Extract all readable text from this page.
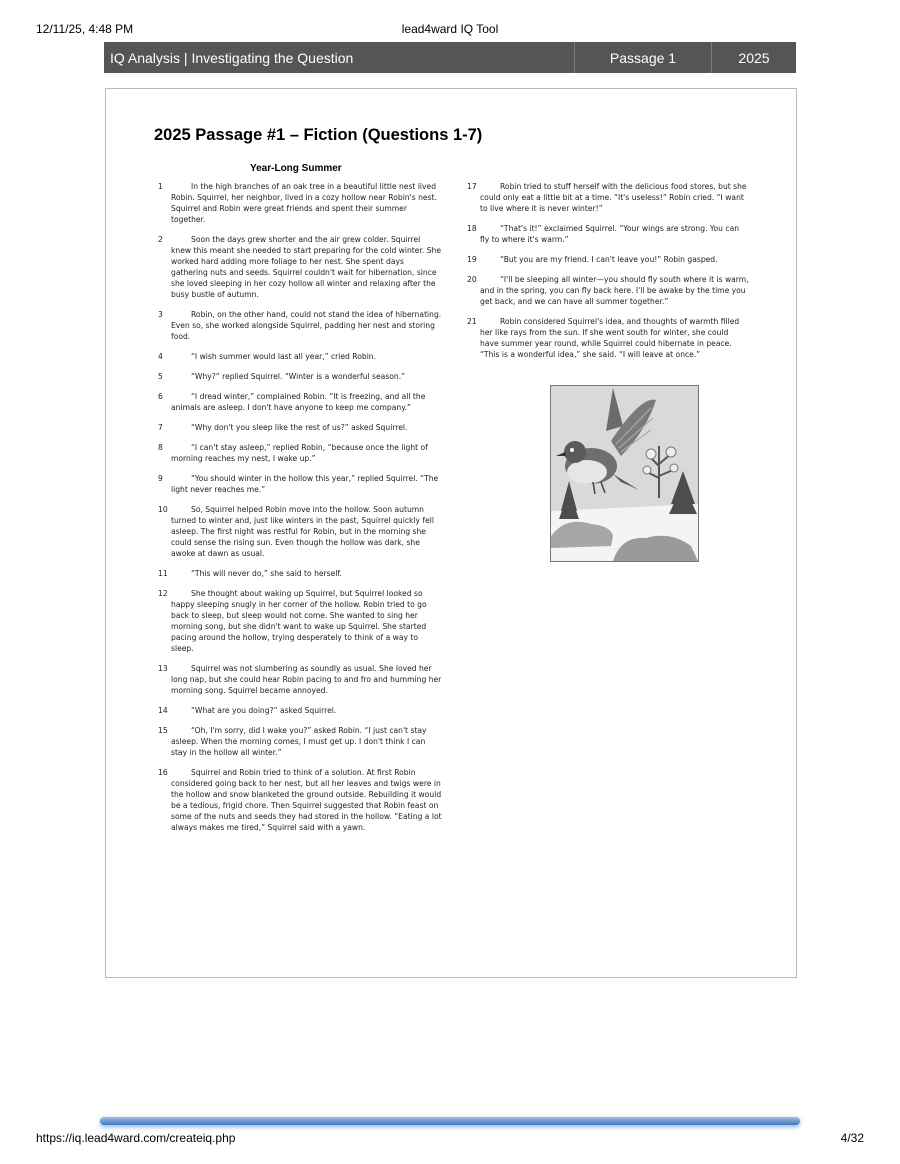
12/11/25, 4:48 PM	lead4ward IQ Tool
IQ Analysis | Investigating the Question	Passage 1	2025
2025 Passage #1 – Fiction (Questions 1-7)
Year-Long Summer

1	In the high branches of an oak tree in a beautiful little nest lived Robin. Squirrel, her neighbor, lived in a cozy hollow near Robin's nest. Squirrel and Robin were great friends and spent their summer together.

2	Soon the days grew shorter and the air grew colder. Squirrel knew this meant she needed to start preparing for the cold winter. She worked hard adding more foliage to her nest. She spent days gathering nuts and seeds. Squirrel couldn't wait for hibernation, since she loved sleeping in her cozy hollow all winter and relaxing after the busy bustle of autumn.

3	Robin, on the other hand, could not stand the idea of hibernating. Even so, she worked alongside Squirrel, padding her nest and storing food.

4	“I wish summer would last all year,” cried Robin.

5	“Why?” replied Squirrel. “Winter is a wonderful season.”

6	“I dread winter,” complained Robin. “It is freezing, and all the animals are asleep. I don't have anyone to keep me company.”

7	“Why don't you sleep like the rest of us?” asked Squirrel.

8	“I can't stay asleep,” replied Robin, “because once the light of morning reaches my nest, I wake up.”

9	“You should winter in the hollow this year,” replied Squirrel. “The light never reaches me.”

10	So, Squirrel helped Robin move into the hollow. Soon autumn turned to winter and, just like winters in the past, Squirrel quickly fell asleep. The first night was restful for Robin, but in the morning she could sense the rising sun. Even though the hollow was dark, she awoke at dawn as usual.

11	“This will never do,” she said to herself.

12	She thought about waking up Squirrel, but Squirrel looked so happy sleeping snugly in her corner of the hollow. Robin tried to go back to sleep, but sleep would not come. She wanted to sing her morning song, but she didn't want to wake up Squirrel. She started pacing around the hollow, trying desperately to think of a way to sleep.

13	Squirrel was not slumbering as soundly as usual. She loved her long nap, but she could hear Robin pacing to and fro and humming her morning song. Squirrel became annoyed.

14	“What are you doing?” asked Squirrel.

15	“Oh, I'm sorry, did I wake you?” asked Robin. “I just can't stay asleep. When the morning comes, I must get up. I don't think I can stay in the hollow all winter.”

16	Squirrel and Robin tried to think of a solution. At first Robin considered going back to her nest, but all her leaves and twigs were in the hollow and snow blanketed the ground outside. Rebuilding it would be a tedious, frigid chore. Then Squirrel suggested that Robin feast on some of the nuts and seeds they had stored in the hollow. “Eating a lot always makes me tired,” Squirrel said with a yawn.

17	Robin tried to stuff herself with the delicious food stores, but she could only eat a little bit at a time. “It's useless!” Robin cried. “I want to live where it is never winter!”

18	“That's it!” exclaimed Squirrel. “Your wings are strong. You can fly to where it's warm.”

19	“But you are my friend. I can't leave you!” Robin gasped.

20	“I'll be sleeping all winter—you should fly south where it is warm, and in the spring, you can fly back here. I'll be awake by the time you get back, and we can have all summer together.”

21	Robin considered Squirrel's idea, and thoughts of warmth filled her like rays from the sun. If she went south for winter, she could have summer year round, while Squirrel could hibernate in peace. “This is a wonderful idea,” she said. “I will leave at once.”

https://iq.lead4ward.com/createiq.php	4/32
